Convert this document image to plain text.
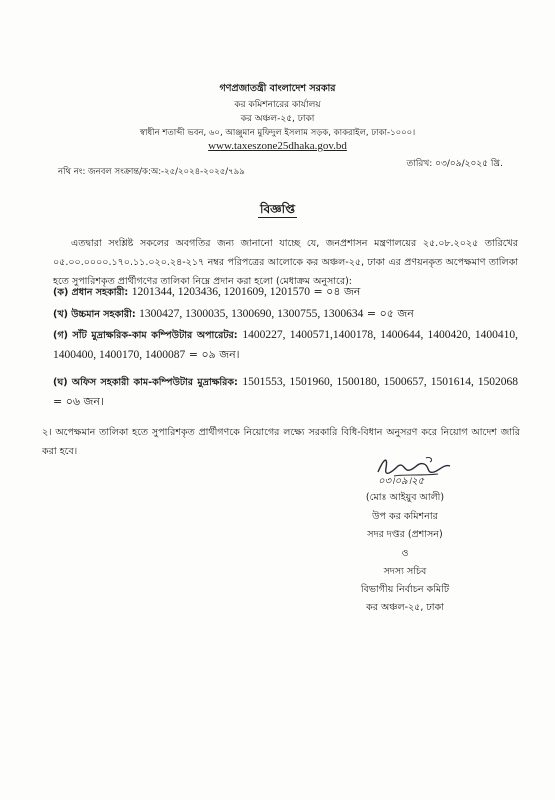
গণপ্রজাতন্ত্রী বাংলাদেশ সরকার
কর কমিশনারের কার্যালয়
কর অঞ্চল-২৫, ঢাকা
স্বাধীন শতাব্দী ভবন, ৬০, আঞ্জুমান মুফিদুল ইসলাম সড়ক, কাকরাইল, ঢাকা-১০০০।
www.taxeszone25dhaka.gov.bd
তারিখ: ০৩/০৯/২০২৫ খ্রি.
নথি নং: জনবল সংক্রান্ত/ক:অ:-২৫/২০২৪-২০২৫/৭৯৯
বিজ্ঞপ্তি
এতদ্বারা সংশ্লিষ্ট সকলের অবগতির জন্য জানানো যাচ্ছে যে, জনপ্রশাসন মন্ত্রণালয়ের ২৫.০৮.২০২৫ তারিখের ০৫.০০.০০০০.১৭০.১১.০২০.২৪-২১৭ নম্বর পরিপত্রের আলোকে কর অঞ্চল-২৫, ঢাকা এর প্রণয়নকৃত অপেক্ষমাণ তালিকা হতে সুপারিশকৃত প্রার্থীগণের তালিকা নিম্নে প্রদান করা হলো (মেধাক্রম অনুসারে):
(ক) প্রধান সহকারী: 1201344, 1203436, 1201609, 1201570 = ০৪ জন
(খ) উচ্চমান সহকারী: 1300427, 1300035, 1300690, 1300755, 1300634 = ০৫ জন
(গ) সাঁট মুদ্রাক্ষরিক-কাম কম্পিউটার অপারেটর: 1400227, 1400571,1400178, 1400644, 1400420, 1400410, 1400400, 1400170, 1400087 = ০৯ জন।
(ঘ) অফিস সহকারী কাম-কম্পিউটার মুদ্রাক্ষরিক: 1501553, 1501960, 1500180, 1500657, 1501614, 1502068 = ০৬ জন।
২। অপেক্ষমান তালিকা হতে সুপারিশকৃত প্রার্থীগণকে নিয়োগের লক্ষ্যে সরকারি বিধি-বিধান অনুসরণ করে নিয়োগ আদেশ জারি করা হবে।
০৩।০৯।২৫
(মোঃ আইয়ুব আলী)
উপ কর কমিশনার
সদর দপ্তর (প্রশাসন)
ও
সদস্য সচিব
বিভাগীয় নির্বাচন কমিটি
কর অঞ্চল-২৫, ঢাকা
